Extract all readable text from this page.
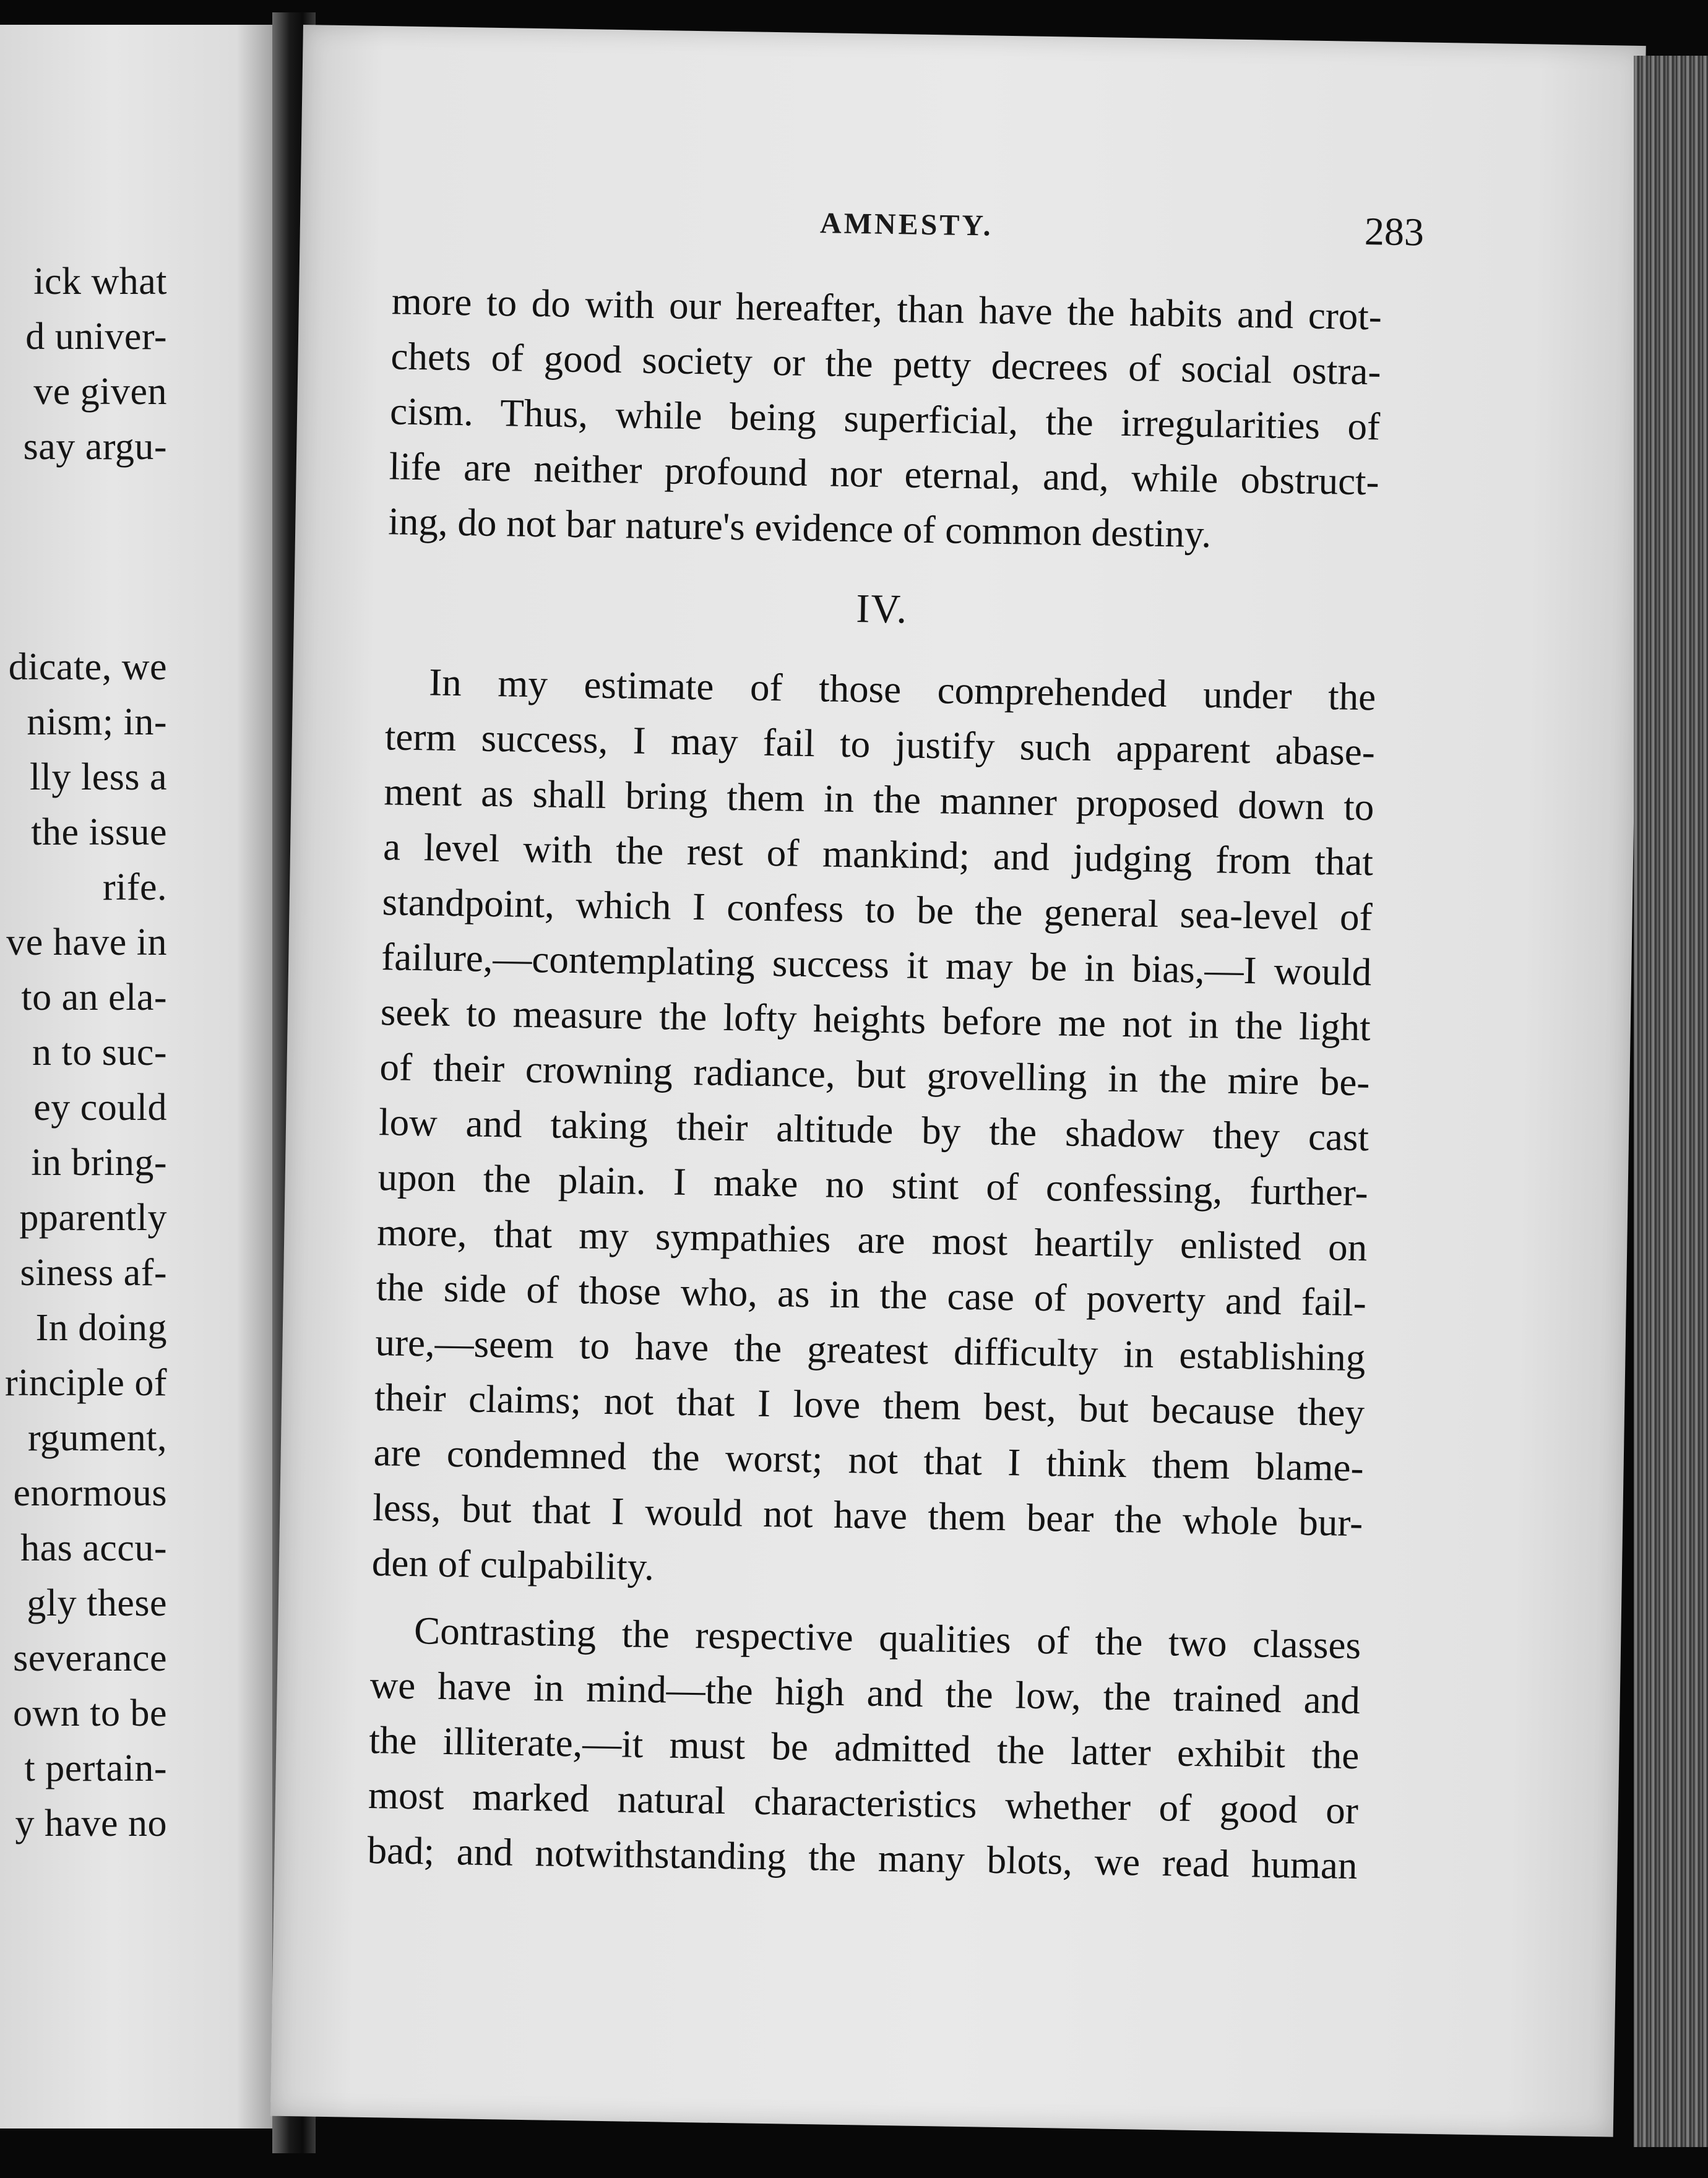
ick what
d univer-
ve given
say argu-
dicate, we
nism; in-
lly less a
the issue
rife.
ve have in
to an ela-
n to suc-
ey could
in bring-
pparently
siness af-
In doing
rinciple of
rgument,
enormous
has accu-
gly these
severance
own to be
t pertain-
y have no
AMNESTY.	283
more to do with our hereafter, than have the habits and crot-
chets of good society or the petty decrees of social ostra-
cism. Thus, while being superficial, the irregularities of
life are neither profound nor eternal, and, while obstruct-
ing, do not bar nature's evidence of common destiny.
IV.
In my estimate of those comprehended under the
term success, I may fail to justify such apparent abase-
ment as shall bring them in the manner proposed down to
a level with the rest of mankind; and judging from that
standpoint, which I confess to be the general sea-level of
failure,—contemplating success it may be in bias,—I would
seek to measure the lofty heights before me not in the light
of their crowning radiance, but grovelling in the mire be-
low and taking their altitude by the shadow they cast
upon the plain. I make no stint of confessing, further-
more, that my sympathies are most heartily enlisted on
the side of those who, as in the case of poverty and fail-
ure,—seem to have the greatest difficulty in establishing
their claims; not that I love them best, but because they
are condemned the worst; not that I think them blame-
less, but that I would not have them bear the whole bur-
den of culpability.
Contrasting the respective qualities of the two classes
we have in mind—the high and the low, the trained and
the illiterate,—it must be admitted the latter exhibit the
most marked natural characteristics whether of good or
bad; and notwithstanding the many blots, we read human
